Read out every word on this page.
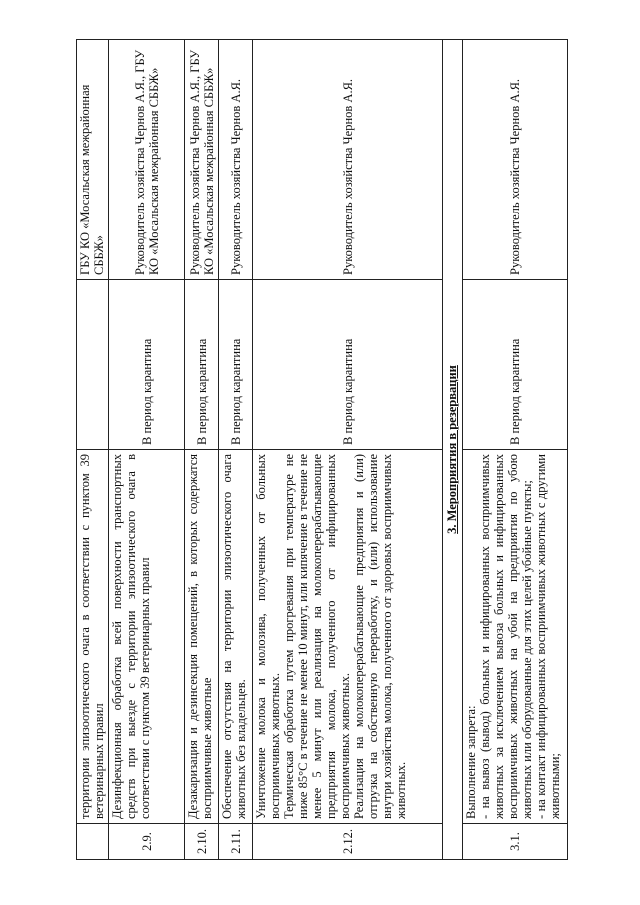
	территории эпизоотического очага в соответствии с пунктом 39 ветеринарных правил		ГБУ КО «Мосальская межрайонная СББЖ»
2.9.	Дезинфекционная обработка всей поверхности транспортных средств при выезде с территории эпизоотического очага в соответствии с пунктом 39 ветеринарных правил	В период карантина	Руководитель хозяйства Чернов А.Я., ГБУ КО «Мосальская межрайонная СББЖ»
2.10.	Дезакаризация и дезинсекция помещений, в которых содержатся восприимчивые животные	В период карантина	Руководитель хозяйства Чернов А.Я., ГБУ КО «Мосальская межрайонная СББЖ»
2.11.	Обеспечение отсутствия на территории эпизоотического очага животных без владельцев.	В период карантина	Руководитель хозяйства Чернов А.Я.
2.12.	Уничтожение молока и молозива, полученных от больных восприимчивых животных. Термическая обработка путем прогревания при температуре не ниже 85°С в течение не менее 10 минут, или кипячение в течение не менее 5 минут или реализация на молокоперерабатывающие предприятия молока, полученного от инфицированных восприимчивых животных. Реализация на молокоперерабатывающие предприятия и (или) отгрузка на собственную переработку, и (или) использование внутри хозяйства молока, полученного от здоровых восприимчивых животных.	В период карантина	Руководитель хозяйства Чернов А.Я.
3. Мероприятия в резервации			
3.1.	Выполнение запрета: - на вывоз (вывод) больных и инфицированных восприимчивых животных за исключением вывоза больных и инфицированных восприимчивых животных на убой на предприятия по убою животных или оборудованные для этих целей убойные пункты; - на контакт инфицированных восприимчивых животных с другими животными;	В период карантина	Руководитель хозяйства Чернов А.Я.
